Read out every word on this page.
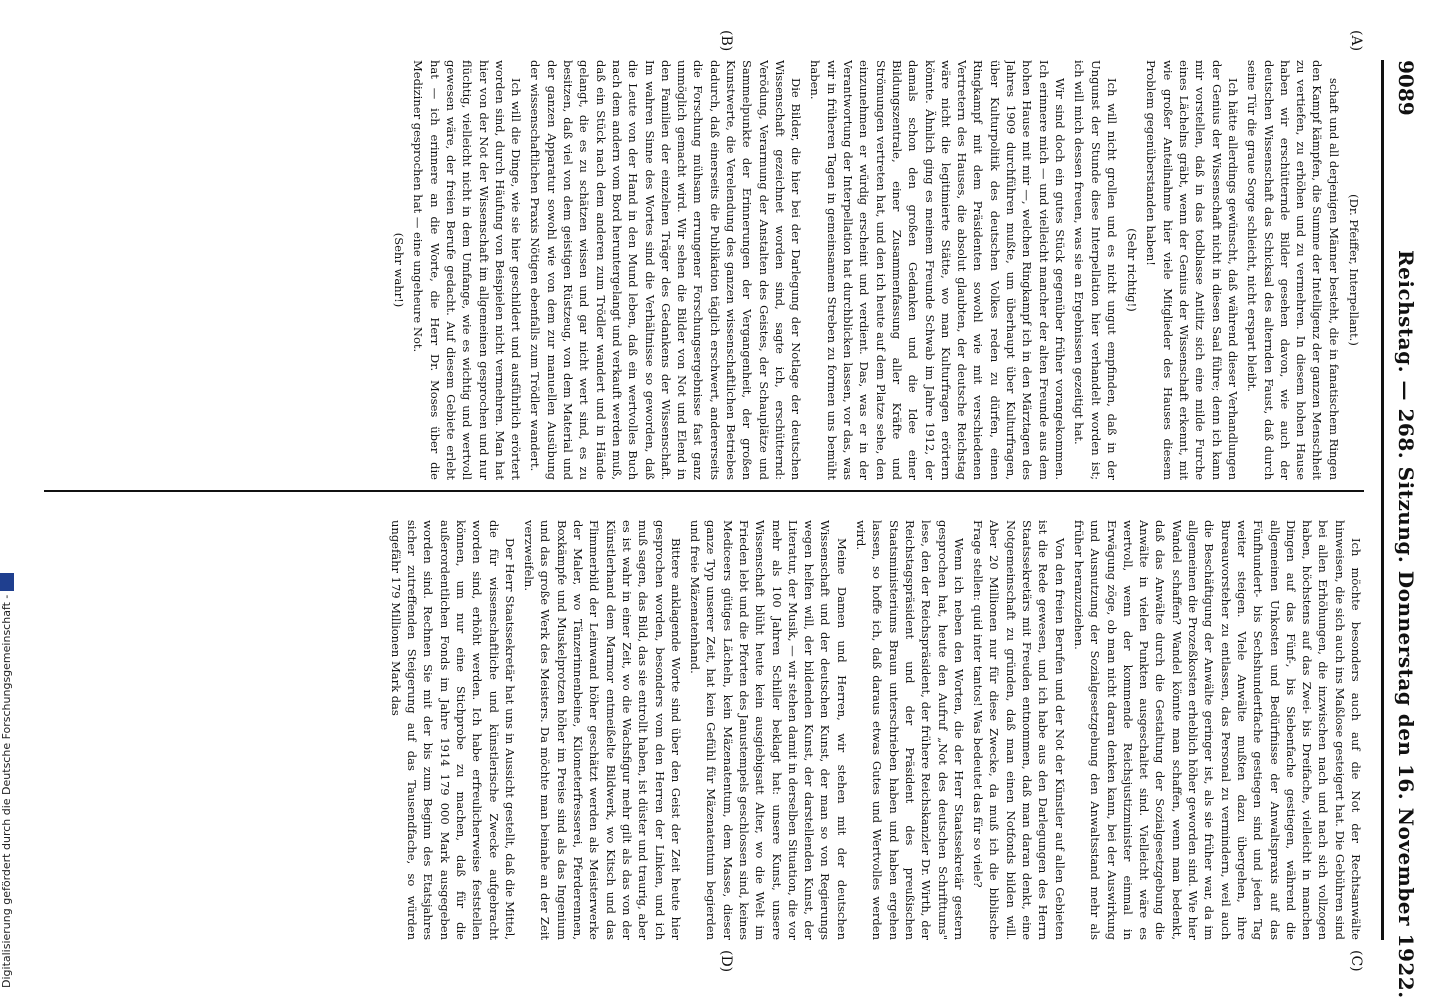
9089
Reichstag. — 268. Sitzung. Donnerstag den 16. November 1922.
(A)
(B)
(C)
(D)

(Dr. Pfeiffer, Interpellant.)

schaft und all derjenigen Männer besteht, die in fanatischem Ringen den Kampf kämpfen, die Summe der Intelligenz der ganzen Menschheit zu vertiefen, zu erhöhen und zu vermehren. In diesem hohen Hause haben wir erschütternde Bilder gesehen davon, wie auch der deutschen Wissenschaft das Schicksal des alternden Faust, daß durch seine Tür die graue Sorge schleicht, nicht erspart bleibt.

Ich hätte allerdings gewünscht, daß während dieser Verhandlungen der Genius der Wissenschaft nicht in diesen Saal führe; denn ich kann mir vorstellen, daß in das todblasse Antlitz sich eine milde Furche eines Lächelns gräbt, wenn der Genius der Wissenschaft erkennt, mit wie großer Anteilnahme hier viele Mitglieder des Hauses diesem Problem gegenüberstanden haben!

(Sehr richtig!)

Ich will nicht grollen und es nicht ungut empfinden, daß in der Ungunst der Stunde diese Interpellation hier verhandelt worden ist; ich will mich dessen freuen, was sie an Ergebnissen gezeitigt hat.

Wir sind doch ein gutes Stück gegenüber früher vorangekommen. Ich erinnere mich — und vielleicht mancher der alten Freunde aus dem hohen Hause mit mir —, welchen Ringkampf ich in den Märztagen des Jahres 1909 durchführen mußte, um überhaupt über Kulturfragen, über Kulturpolitik des deutschen Volkes reden zu dürfen, einen Ringkampf mit dem Präsidenten sowohl wie mit verschiedenen Vertretern des Hauses, die absolut glaubten, der deutsche Reichstag wäre nicht die legitimierte Stätte, wo man Kulturfragen erörtern könnte. Ähnlich ging es meinem Freunde Schwab im Jahre 1912, der damals schon den großen Gedanken und die Idee einer Bildungszentrale, einer Zusammenfassung aller Kräfte und Strömungen vertreten hat, und den ich heute auf dem Platze sehe, den einzunehmen er würdig erscheint und verdient. Das, was er in der Verantwortung der Interpellation hat durchblicken lassen, vor das, was wir in früheren Tagen in gemeinsamem Streben zu formen uns bemüht haben.

Die Bilder, die hier bei der Darlegung der Notlage der deutschen Wissenschaft gezeichnet worden sind, sagte ich, erschütternd: Verödung, Verarmung der Anstalten des Geistes, der Schauplätze und Sammelpunkte der Erinnerungen der Vergangenheit, der großen Kunstwerte, die Verelendung des ganzen wissenschaftlichen Betriebes dadurch, daß einerseits die Publikation täglich erschwert, andererseits die Forschung mühsam errungener Forschungsergebnisse fast ganz unmöglich gemacht wird. Wir sehen die Bilder von Not und Elend in den Familien der einzelnen Träger des Gedankens der Wissenschaft. Im wahren Sinne des Wortes sind die Verhältnisse so geworden, daß die Leute von der Hand in den Mund leben, daß ein wertvolles Buch nach dem andern vom Bord heruntergelangt und verkauft werden muß, daß ein Stück nach dem anderen zum Trödler wandert und in Hände gelangt, die es zu schätzen wissen und gar nicht wert sind, es zu besitzen, daß viel von dem geistigen Rüstzeug, von dem Material und der ganzen Apparatur sowohl wie von dem zur manuellen Ausübung der wissenschaftlichen Praxis Nötigen ebenfalls zum Trödler wandert.

Ich will die Dinge, wie sie hier geschildert und ausführlich erörtert worden sind, durch Häufung von Beispielen nicht vermehren. Man hat hier von der Not der Wissenschaft im allgemeinen gesprochen und nur flüchtig, vielleicht nicht in dem Umfange, wie es wichtig und wertvoll gewesen wäre, der freien Berufe gedacht. Auf diesem Gebiete erlebt hat — ich erinnere an die Worte, die Herr Dr. Moses über die Mediziner gesprochen hat — eine ungeheure Not.

(Sehr wahr!)

Ich möchte besonders auch auf die Not der Rechtsanwälte hinweisen, die sich auch ins Maßlose gesteigert hat. Die Gebühren sind bei allen Erhöhungen, die inzwischen nach und nach sich vollzogen haben, höchstens auf das Zwei- bis Dreifache, vielleicht in manchen Dingen auf das Fünf-, bis Siebenfache gestiegen, während die allgemeinen Unkosten und Bedürfnisse der Anwaltspraxis auf das Fünfhundert- bis Sechshundertfache gestiegen sind und jeden Tag weiter steigen. Viele Anwälte mußten dazu übergehen, ihre Bureauvorsteher zu entlassen, das Personal zu vermindern, weil auch die Beschäftigung der Anwälte geringer ist, als sie früher war, da im allgemeinen die Prozeßkosten erheblich höher geworden sind. Wie hier Wandel schaffen? Wandel könnte man schaffen, wenn man bedenkt, daß das Anwälte durch die Gestaltung der Sozialgesetzgebung die Anwälte in vielen Punkten ausgeschaltet sind. Vielleicht wäre es wertvoll, wenn der kommende Reichsjustizminister einmal in Erwägung zöge, ob man nicht daran denken kann, bei der Auswirkung und Ausnutzung der Sozialgesetzgebung den Anwaltsstand mehr als früher heranzuziehen.

Von den freien Berufen und der Not der Künstler auf allen Gebieten ist die Rede gewesen, und ich habe aus den Darlegungen des Herrn Staatssekretärs mit Freuden entnommen, daß man daran denkt, eine Notgemeinschaft zu gründen, daß man einen Notfonds bilden will. Aber 20 Millionen nur für diese Zwecke, da muß ich die biblische Frage stellen: quid inter tantos! Was bedeutet das für so viele?

Wenn ich neben den Worten, die der Herr Staatssekretär gestern gesprochen hat, heute den Aufruf „Not des deutschen Schrifttums" lese, den der Reichspräsident, der frühere Reichskanzler Dr. Wirth, der Reichstagspräsident und der Präsident des preußischen Staatsministeriums Braun unterschrieben haben und haben ergehen lassen, so hoffe ich, daß daraus etwas Gutes und Wertvolles werden wird.

Meine Damen und Herren, wir stehen mit der deutschen Wissenschaft und der deutschen Kunst, der man so von Regierungs wegen helfen will, der bildenden Kunst, der darstellenden Kunst, der Literatur, der Musik, — wir stehen damit in derselben Situation, die vor mehr als 100 Jahren Schiller beklagt hat: unsere Kunst, unsere Wissenschaft blüht heute kein ausgiebigsatt Alter, wo die Welt im Frieden lebt und die Pforten des Janustempels geschlossen sind, keines Mediceers gütiges Lächeln, kein Mäzenatentum, dem Masse, dieser ganze Typ unserer Zeit, hat kein Gefühl für Mäzenatentum begierden und freie Mäzenatenhand.

Bittere anklagende Worte sind über den Geist der Zeit heute hier gesprochen worden, besonders vom den Herren der Linken, und ich muß sagen, das Bild, das sie entrollt haben, ist düster und traurig, aber es ist wahr in einer Zeit, wo die Wachsfigur mehr gilt als das von der Künstlerhand dem Marmor entmeißelte Bildwerk, wo Kitsch und das Flimmerbild der Leinwand höher geschätzt werden als Meisterwerke der Maler, wo Tänzerinnenbeine, Kilometerfresserei, Pferderennen, Boxkämpfe und Muskelprotzen höher im Preise sind als das Ingenium und das große Werk des Meisters. Da möchte man beinahe an der Zeit verzweifeln.

Der Herr Staatssekretär hat uns in Aussicht gestellt, daß die Mittel, die für wissenschaftliche und künstlerische Zwecke aufgebracht worden sind, erhöht werden. Ich habe erfreulicherweise feststellen können, um nur eine Stichprobe zu machen, daß für die außerordentlichen Fonds im Jahre 1914 179 000 Mark ausgegeben worden sind. Rechnen Sie mit der bis zum Beginn des Etatsjahres sicher zutreffenden Steigerung auf das Tausendfache, so würden ungefähr 179 Millionen Mark das

Digitalisierung gefördert durch die Deutsche Forschungsgemeinschaft -
